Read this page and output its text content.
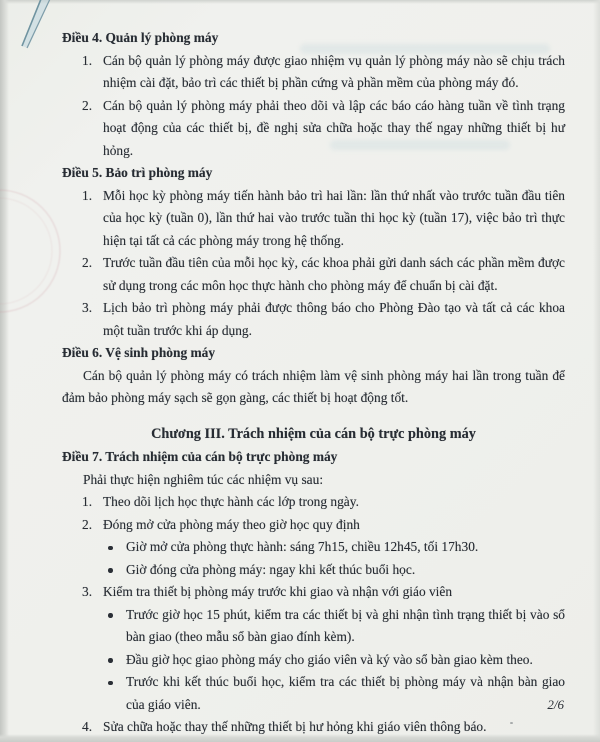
Điều 4. Quản lý phòng máy
1. Cán bộ quản lý phòng máy được giao nhiệm vụ quản lý phòng máy nào sẽ chịu trách nhiệm cài đặt, bảo trì các thiết bị phần cứng và phần mềm của phòng máy đó.
2. Cán bộ quản lý phòng máy phải theo dõi và lập các báo cáo hàng tuần về tình trạng hoạt động của các thiết bị, đề nghị sửa chữa hoặc thay thế ngay những thiết bị hư hỏng.
Điều 5. Bảo trì phòng máy
1. Mỗi học kỳ phòng máy tiến hành bảo trì hai lần: lần thứ nhất vào trước tuần đầu tiên của học kỳ (tuần 0), lần thứ hai vào trước tuần thi học kỳ (tuần 17), việc bảo trì thực hiện tại tất cả các phòng máy trong hệ thống.
2. Trước tuần đầu tiên của mỗi học kỳ, các khoa phải gửi danh sách các phần mềm được sử dụng trong các môn học thực hành cho phòng máy để chuẩn bị cài đặt.
3. Lịch bảo trì phòng máy phải được thông báo cho Phòng Đào tạo và tất cả các khoa một tuần trước khi áp dụng.
Điều 6. Vệ sinh phòng máy
Cán bộ quản lý phòng máy có trách nhiệm làm vệ sinh phòng máy hai lần trong tuần để đảm bảo phòng máy sạch sẽ gọn gàng, các thiết bị hoạt động tốt.
Chương III. Trách nhiệm của cán bộ trực phòng máy
Điều 7. Trách nhiệm của cán bộ trực phòng máy
Phải thực hiện nghiêm túc các nhiệm vụ sau:
1. Theo dõi lịch học thực hành các lớp trong ngày.
2. Đóng mở cửa phòng máy theo giờ học quy định
Giờ mở cửa phòng thực hành: sáng 7h15, chiều 12h45, tối 17h30.
Giờ đóng cửa phòng máy: ngay khi kết thúc buổi học.
3. Kiểm tra thiết bị phòng máy trước khi giao và nhận với giáo viên
Trước giờ học 15 phút, kiểm tra các thiết bị và ghi nhận tình trạng thiết bị vào sổ bàn giao (theo mẫu sổ bàn giao đính kèm).
Đầu giờ học giao phòng máy cho giáo viên và ký vào sổ bàn giao kèm theo.
Trước khi kết thúc buổi học, kiểm tra các thiết bị phòng máy và nhận bàn giao của giáo viên.
4. Sửa chữa hoặc thay thế những thiết bị hư hỏng khi giáo viên thông báo.
2/6
